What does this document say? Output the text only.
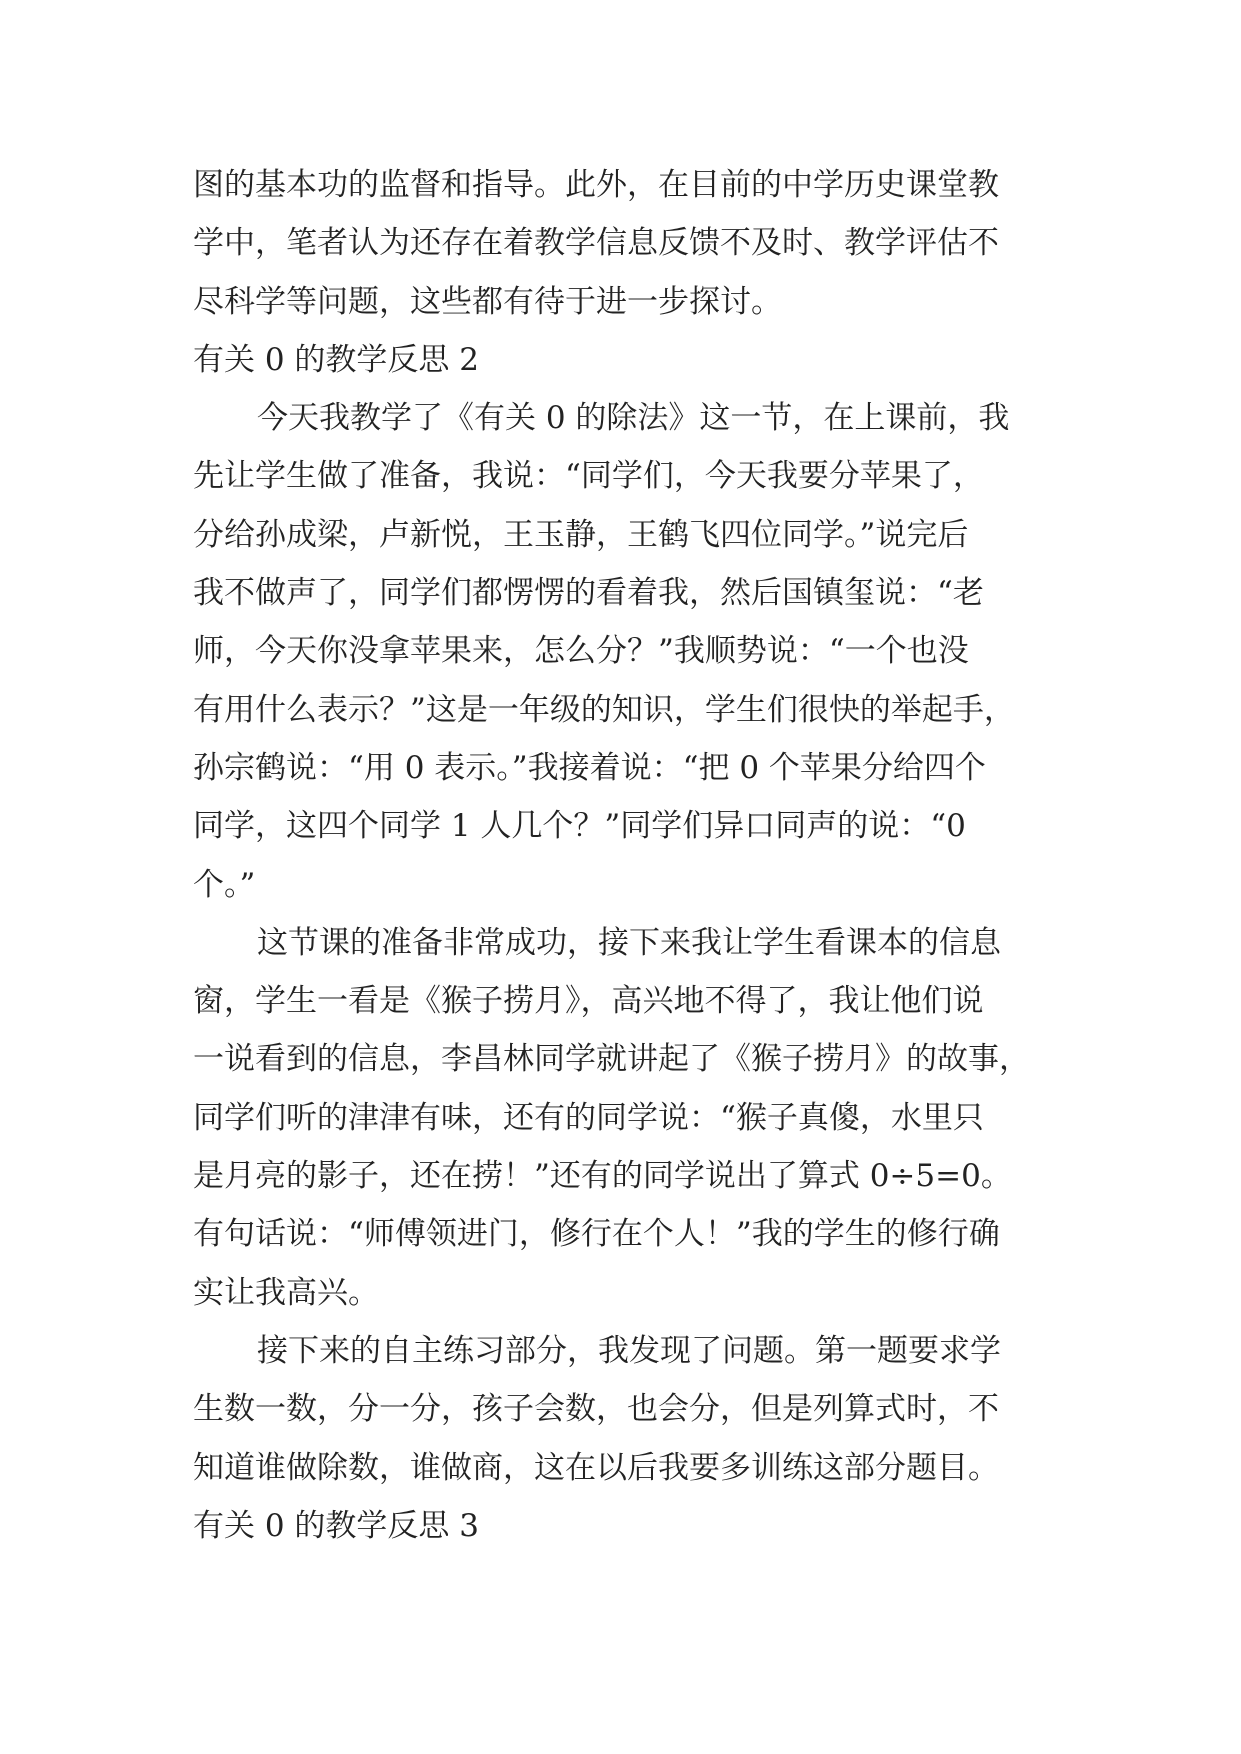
图的基本功的监督和指导。此外，在目前的中学历史课堂教
学中，笔者认为还存在着教学信息反馈不及时、教学评估不
尽科学等问题，这些都有待于进一步探讨。
有关 0 的教学反思 2
今天我教学了《有关 0 的除法》这一节，在上课前，我
先让学生做了准备，我说：“同学们，今天我要分苹果了，
分给孙成梁，卢新悦，王玉静，王鹤飞四位同学。”说完后
我不做声了，同学们都愣愣的看着我，然后国镇玺说：“老
师，今天你没拿苹果来，怎么分？”我顺势说：“一个也没
有用什么表示？”这是一年级的知识，学生们很快的举起手，
孙宗鹤说：“用 0 表示。”我接着说：“把 0 个苹果分给四个
同学，这四个同学 1 人几个？”同学们异口同声的说：“0
个。”
这节课的准备非常成功，接下来我让学生看课本的信息
窗，学生一看是《猴子捞月》，高兴地不得了，我让他们说
一说看到的信息，李昌林同学就讲起了《猴子捞月》的故事，
同学们听的津津有味，还有的同学说：“猴子真傻，水里只
是月亮的影子，还在捞！”还有的同学说出了算式 0÷5=0。
有句话说：“师傅领进门，修行在个人！”我的学生的修行确
实让我高兴。
接下来的自主练习部分，我发现了问题。第一题要求学
生数一数，分一分，孩子会数，也会分，但是列算式时，不
知道谁做除数，谁做商，这在以后我要多训练这部分题目。
有关 0 的教学反思 3
